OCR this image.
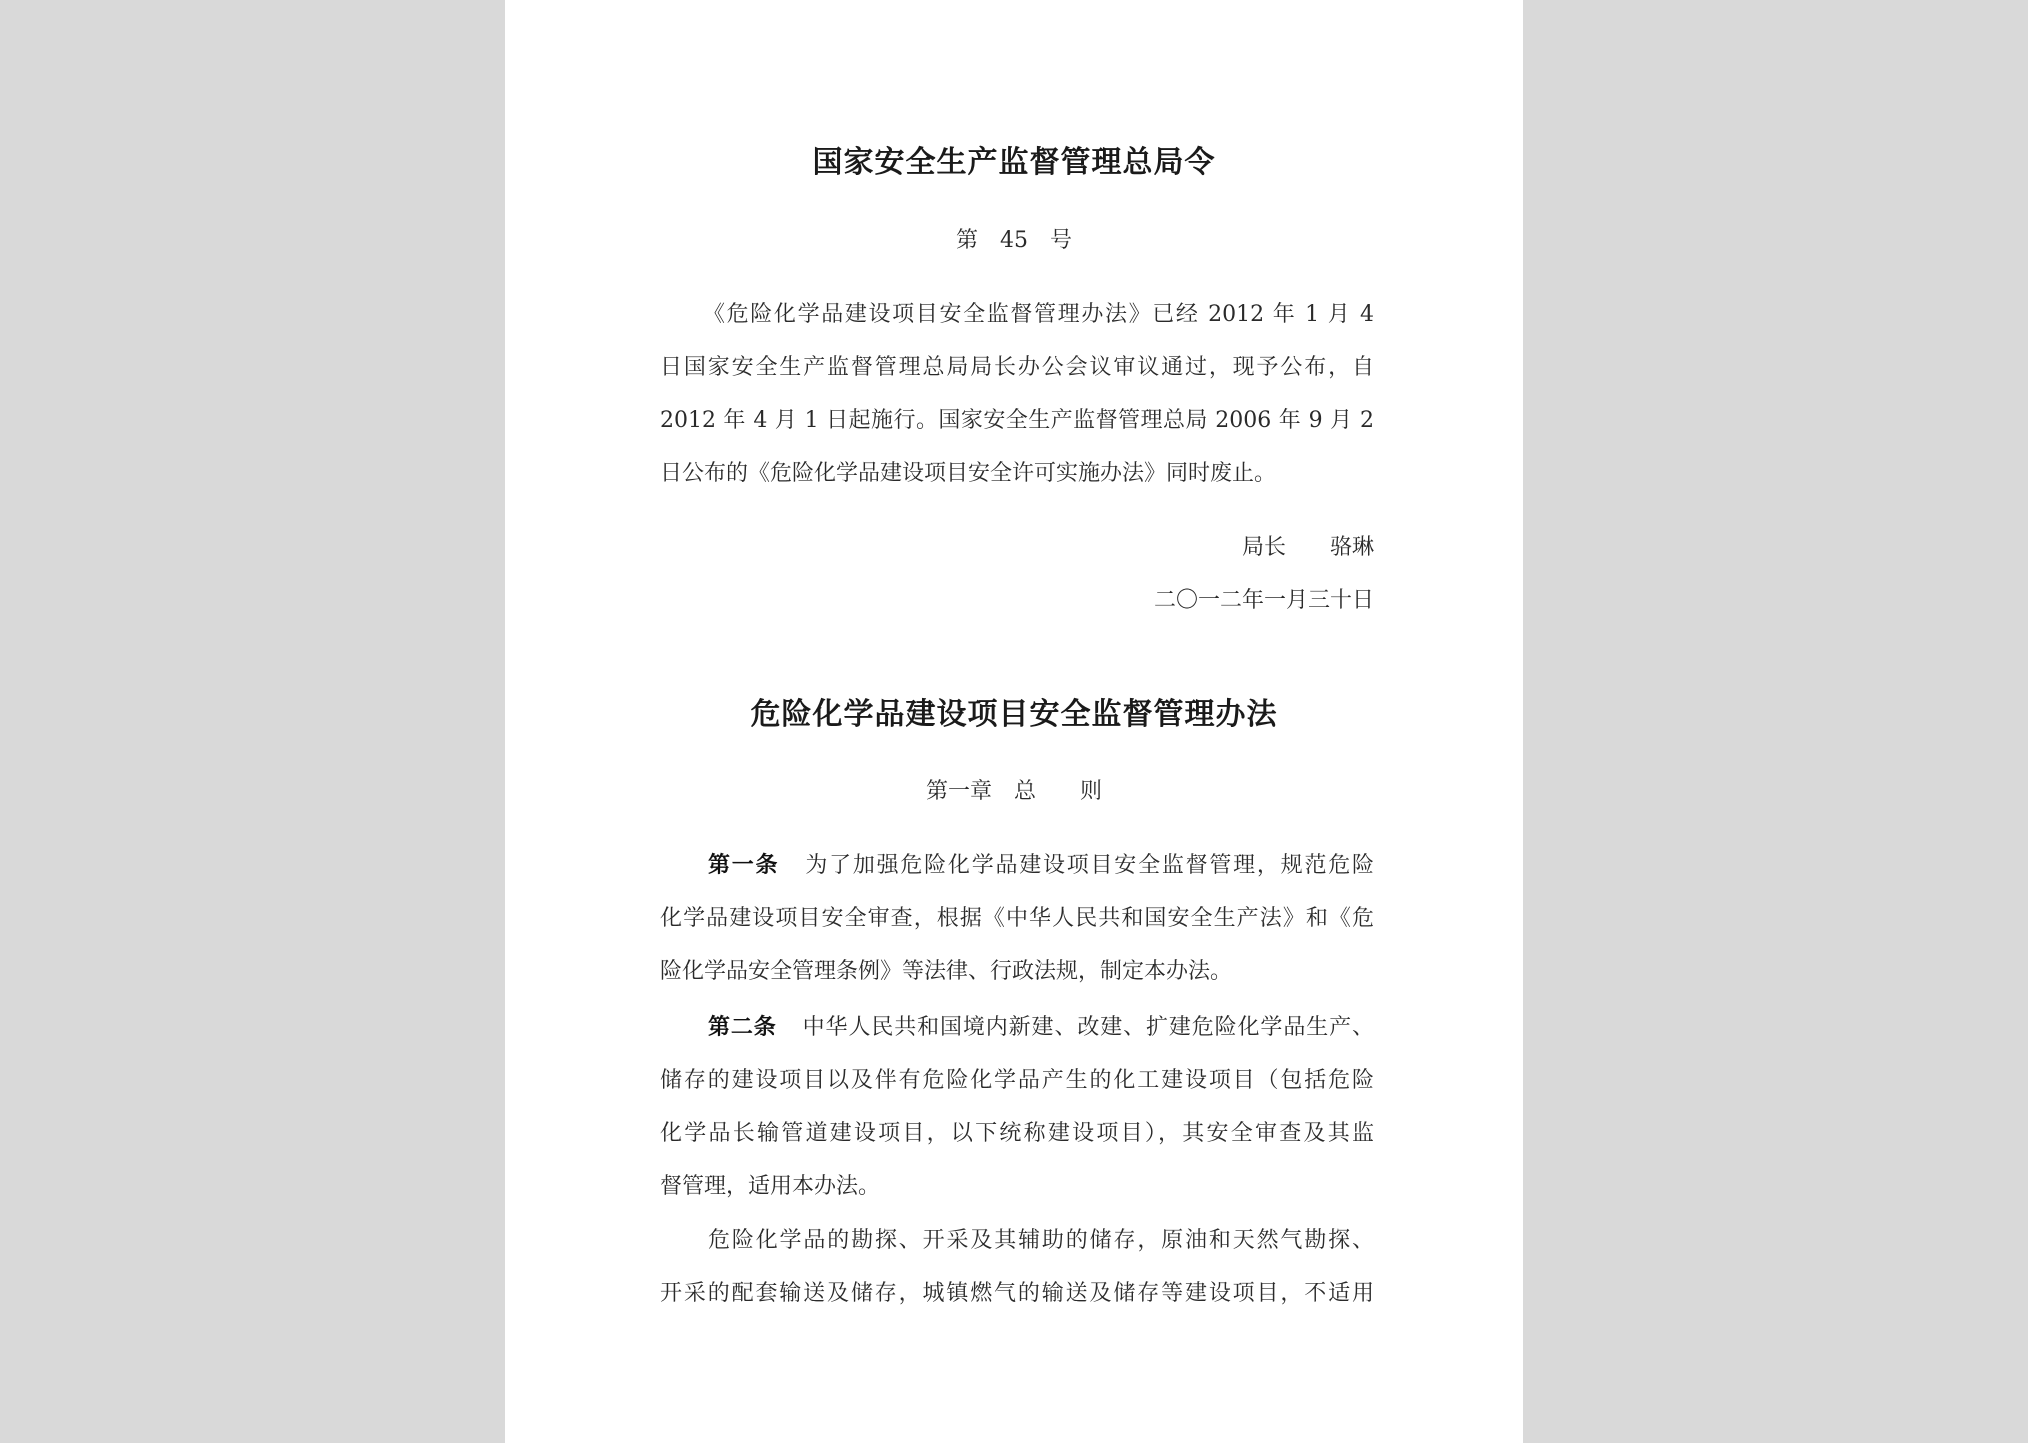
国家安全生产监督管理总局令
第　45　号
《危险化学品建设项目安全监督管理办法》已经 2012 年 1 月 4
日国家安全生产监督管理总局局长办公会议审议通过，现予公布，自
2012 年 4 月 1 日起施行。国家安全生产监督管理总局 2006 年 9 月 2
日公布的《危险化学品建设项目安全许可实施办法》同时废止。
局长　　骆琳
二〇一二年一月三十日
危险化学品建设项目安全监督管理办法
第一章　总　　则
第一条 为了加强危险化学品建设项目安全监督管理，规范危险
化学品建设项目安全审查，根据《中华人民共和国安全生产法》和《危
险化学品安全管理条例》等法律、行政法规，制定本办法。
第二条 中华人民共和国境内新建、改建、扩建危险化学品生产、
储存的建设项目以及伴有危险化学品产生的化工建设项目（包括危险
化学品长输管道建设项目，以下统称建设项目），其安全审查及其监
督管理，适用本办法。
危险化学品的勘探、开采及其辅助的储存，原油和天然气勘探、
开采的配套输送及储存，城镇燃气的输送及储存等建设项目，不适用
